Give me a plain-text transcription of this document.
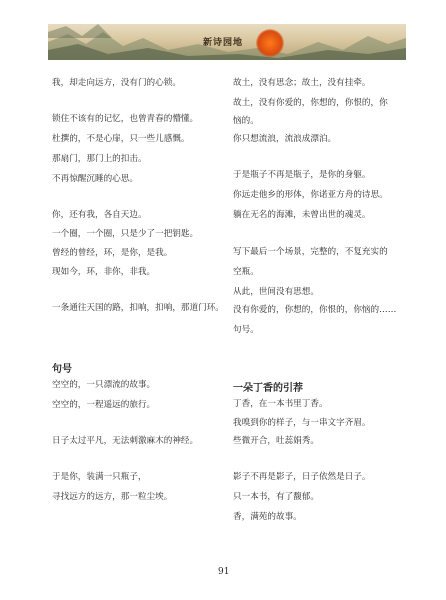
新诗园地
我，却走向远方，没有门的心锁。
锁住不该有的记忆，也曾青春的懵懂。
杜撰的，不是心扉，只一些儿感慨。
那扇门，那门上的扣击。
不再惊醒沉睡的心思。
你，还有我，各自天边。
一个圈，一个圈，只是少了一把钥匙。
曾经的曾经，环，是你，是我。
现如今，环，非你，非我。
一条通往天国的路，扣响，扣响，那道门环。
空空的，一只漂流的故事。
空空的，一程遥远的旅行。
日子太过平凡，无法刺激麻木的神经。
于是你，装满一只瓶子，
寻找远方的远方，那一粒尘埃。
故土，没有思念；故土，没有挂牵。
故土，没有你爱的，你想的，你恨的，你
恼的。
你只想流浪，流浪成漂泊。
于是瓶子不再是瓶子，是你的身躯。
你远走他乡的形体，你诺亚方舟的诗思。
躺在无名的海滩，未曾出世的魂灵。
写下最后一个场景，完整的，不复充实的
空瓶。
从此，世间没有思想。
没有你爱的，你想的，你恨的，你恼的……
句号。
丁香，在一本书里丁香。
我嗅到你的样子，与一串文字齐眉。
些微开合，吐蕊娟秀。
影子不再是影子，日子依然是日子。
只一本书，有了馥郁。
香，满苑的故事。
句号
一朵丁香的引荐
91
